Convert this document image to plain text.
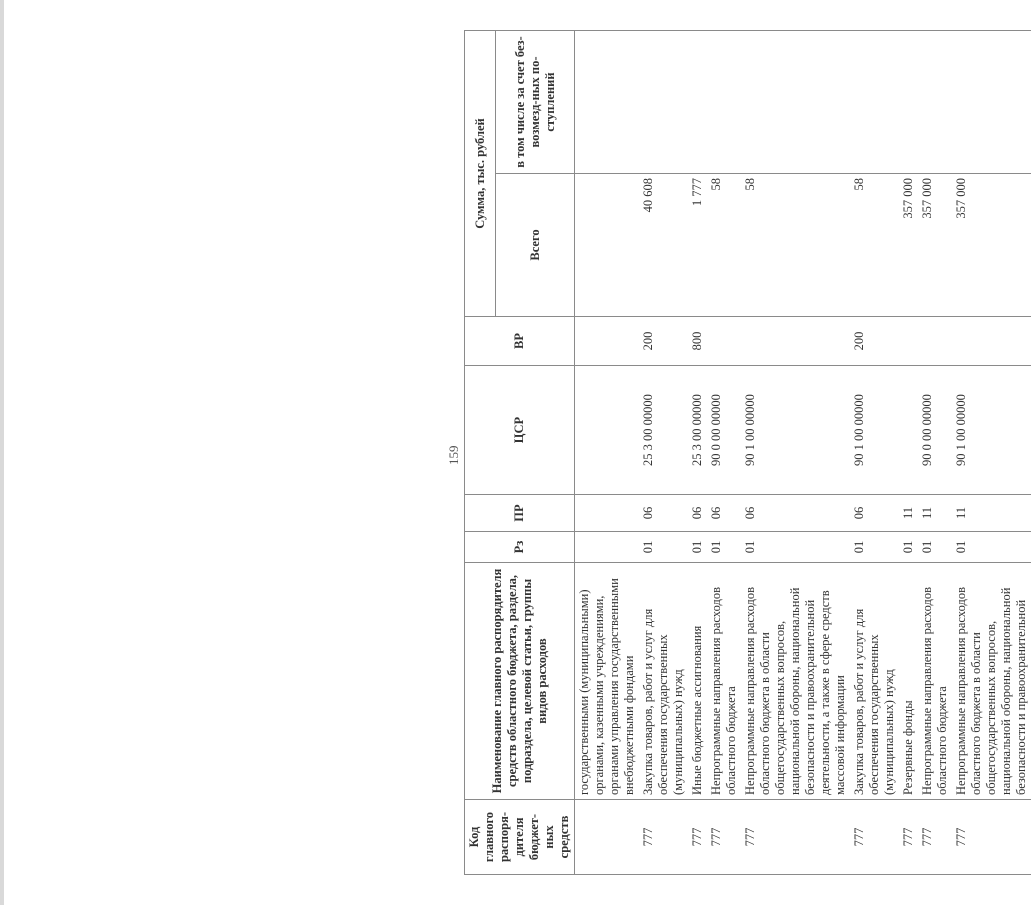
159
Код главного распоря-дителя бюджет-ных средств	Наименование главного распорядителя средств областного бюджета, раздела, подраздела, целевой статьи, группы видов расходов	Рз	ПР	ЦСР	ВР	Сумма, тыс. рублей	
						Всего	в том числе за счет без-возмезд-ных по-ступлений
	государственными (муниципальными) органами, казенными учреждениями, органами управления государственными внебюджетными фондами						
777	Закупка товаров, работ и услуг для обеспечения государственных (муниципальных) нужд	01	06	25 3 00 00000	200	40 608	
777	Иные бюджетные ассигнования	01	06	25 3 00 00000	800	1 777	
777	Непрограммные направления расходов областного бюджета	01	06	90 0 00 00000		58	
777	Непрограммные направления расходов областного бюджета в области общегосударственных вопросов, национальной обороны, национальной безопасности и правоохранительной деятельности, а также в сфере средств массовой информации	01	06	90 1 00 00000		58	
777	Закупка товаров, работ и услуг для обеспечения государственных (муниципальных) нужд	01	06	90 1 00 00000	200	58	
777	Резервные фонды	01	11			357 000	
777	Непрограммные направления расходов областного бюджета	01	11	90 0 00 00000		357 000	
777	Непрограммные направления расходов областного бюджета в области общегосударственных вопросов, национальной обороны, национальной безопасности и правоохранительной	01	11	90 1 00 00000		357 000	
